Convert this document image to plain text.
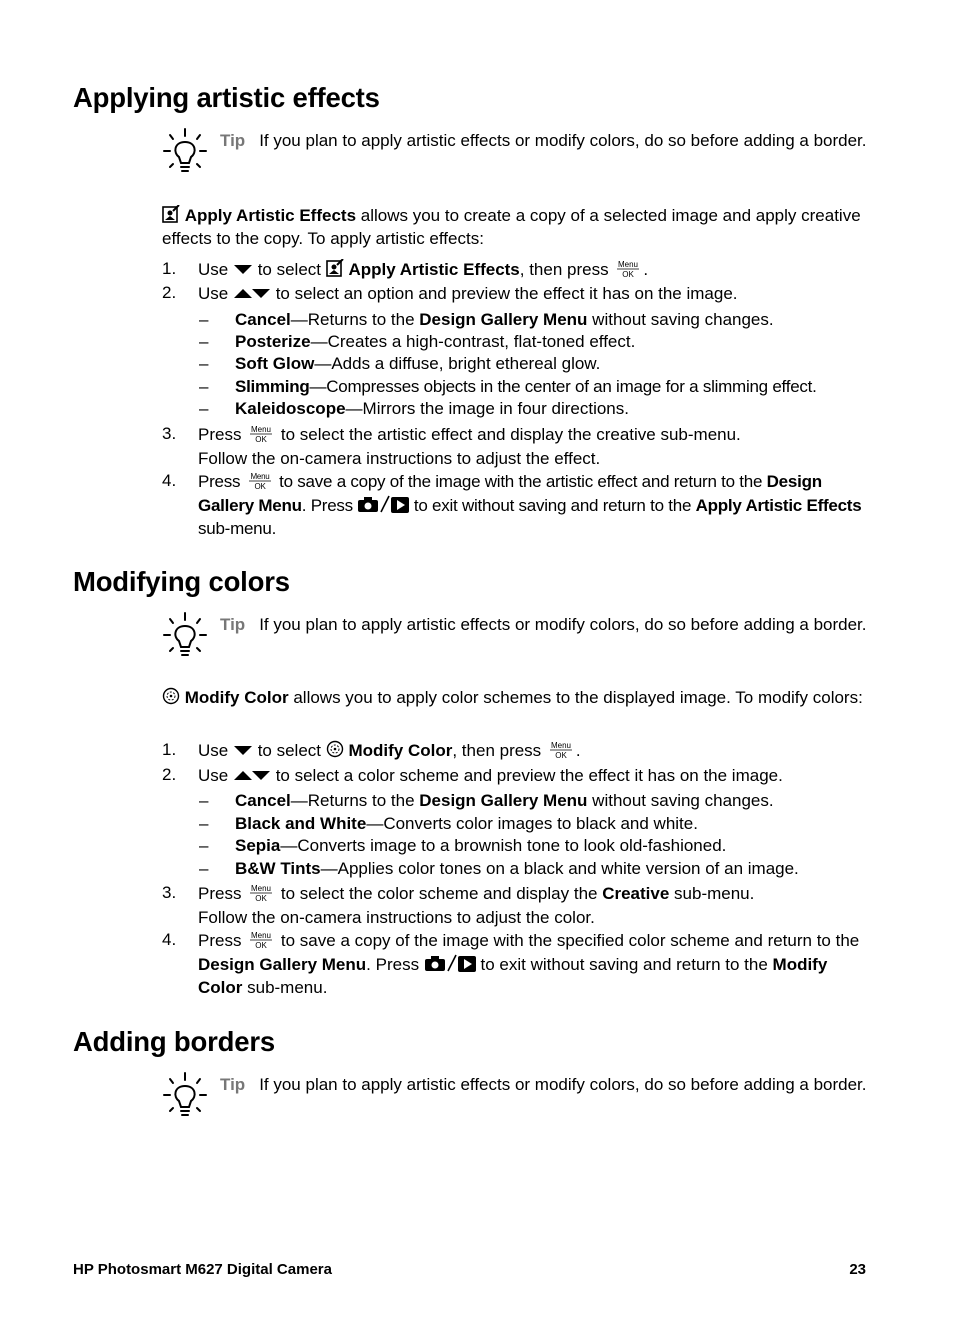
Applying artistic effects
Tip If you plan to apply artistic effects or modify colors, do so before adding a border.
Apply Artistic Effects allows you to create a copy of a selected image and apply creative effects to the copy. To apply artistic effects:
1. Use  to select  Apply Artistic Effects, then press Menu
OK .
2. Use  to select an option and preview the effect it has on the image.
– Cancel—Returns to the Design Gallery Menu without saving changes.
– Posterize—Creates a high-contrast, flat-toned effect.
– Soft Glow—Adds a diffuse, bright ethereal glow.
– Slimming—Compresses objects in the center of an image for a slimming effect.
– Kaleidoscope—Mirrors the image in four directions.
3. Press Menu
OK to select the artistic effect and display the creative sub-menu.
Follow the on-camera instructions to adjust the effect.
4. Press Menu
OK to save a copy of the image with the artistic effect and return to the Design Gallery Menu. Press	to exit without saving and return to the Apply Artistic Effects sub-menu.
Modifying colors
Tip If you plan to apply artistic effects or modify colors, do so before adding a border.
Modify Color allows you to apply color schemes to the displayed image. To modify colors:
1. Use  to select  Modify Color, then press Menu
OK .
2. Use  to select a color scheme and preview the effect it has on the image.
– Cancel—Returns to the Design Gallery Menu without saving changes.
– Black and White—Converts color images to black and white.
– Sepia—Converts image to a brownish tone to look old-fashioned.
– B&W Tints—Applies color tones on a black and white version of an image.
3. Press Menu
OK to select the color scheme and display the Creative sub-menu.
Follow the on-camera instructions to adjust the color.
4. Press Menu
OK to save a copy of the image with the specified color scheme and return to the Design Gallery Menu. Press	to exit without saving and return to the Modify Color sub-menu.
Adding borders
Tip If you plan to apply artistic effects or modify colors, do so before adding a border.
HP Photosmart M627 Digital Camera	23
